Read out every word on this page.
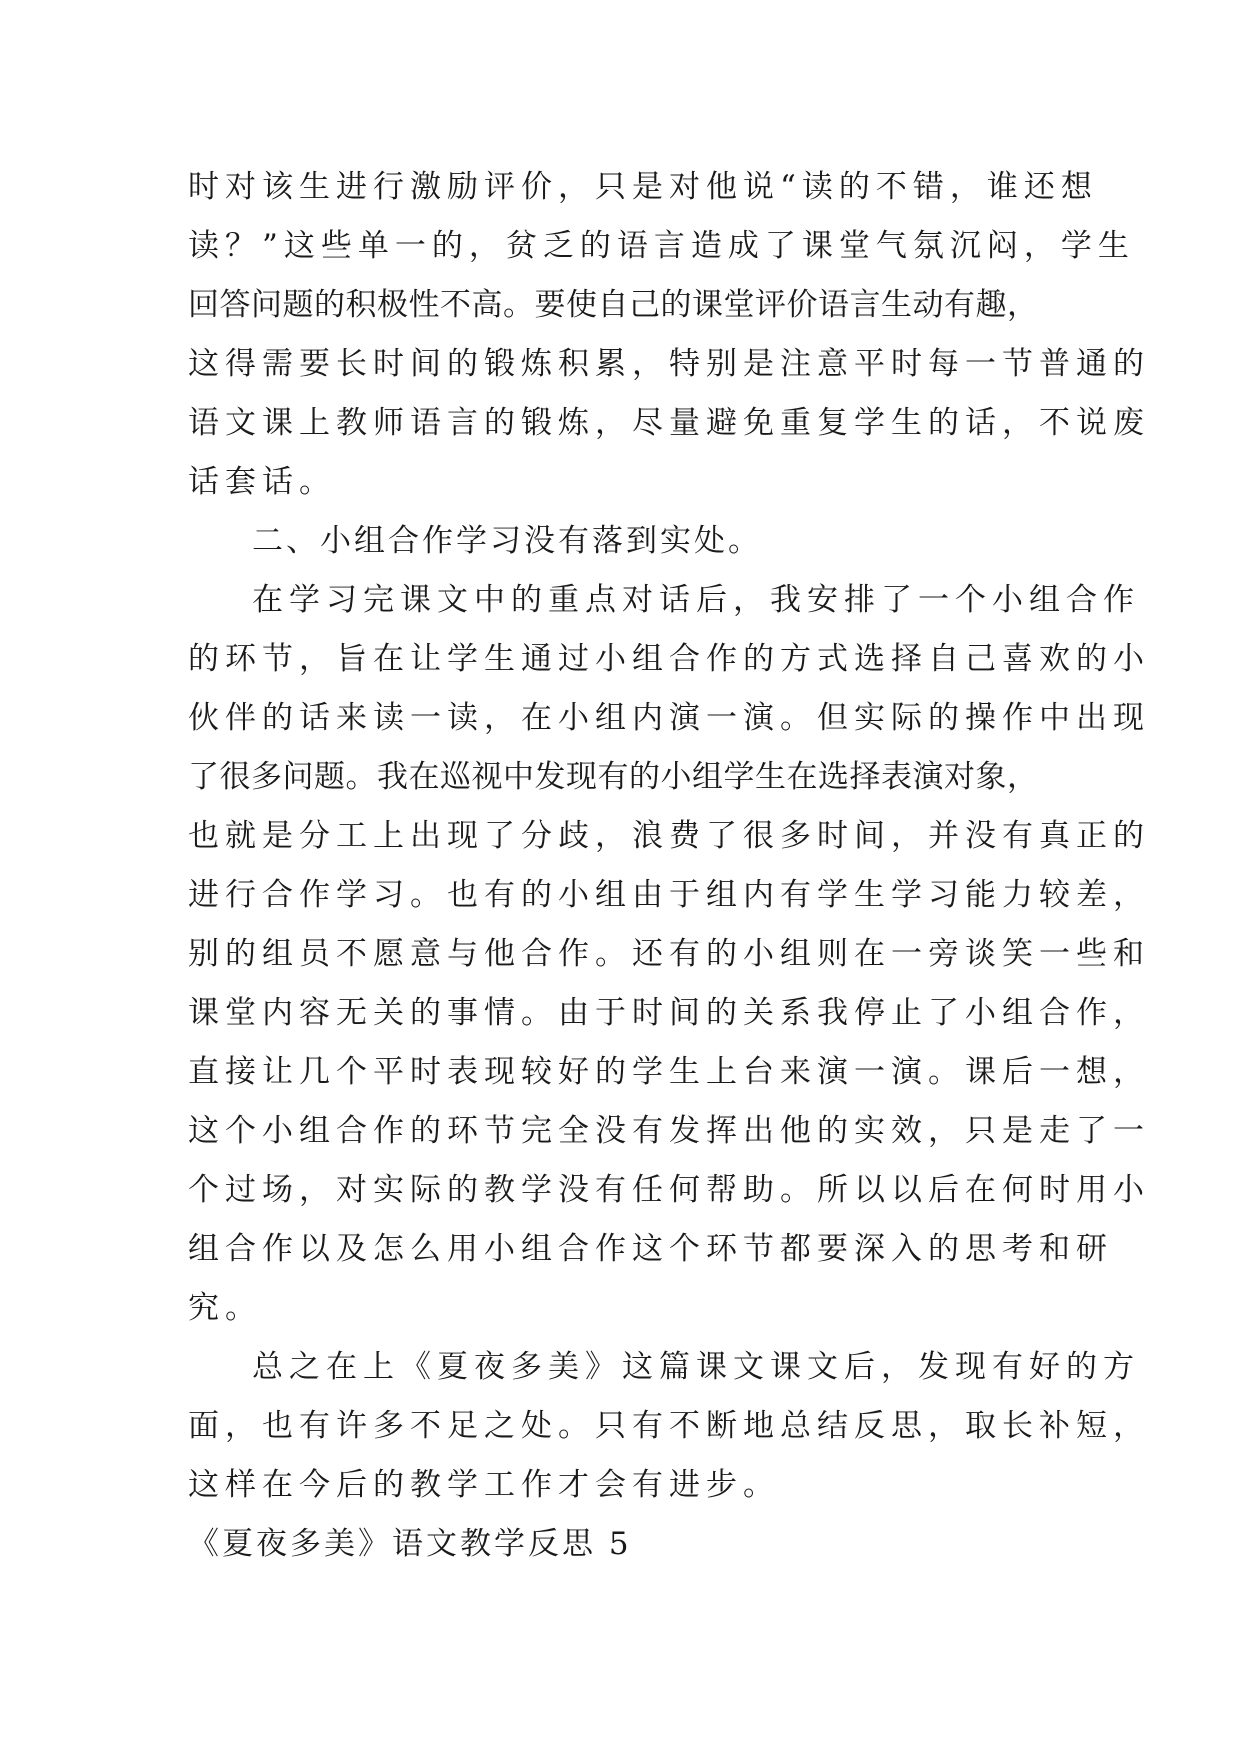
时对该生进行激励评价，只是对他说“读的不错，谁还想
读？”这些单一的，贫乏的语言造成了课堂气氛沉闷，学生
回答问题的积极性不高。要使自己的课堂评价语言生动有趣，
这得需要长时间的锻炼积累，特别是注意平时每一节普通的
语文课上教师语言的锻炼，尽量避免重复学生的话，不说废
话套话。
二、小组合作学习没有落到实处。
在学习完课文中的重点对话后，我安排了一个小组合作
的环节，旨在让学生通过小组合作的方式选择自己喜欢的小
伙伴的话来读一读，在小组内演一演。但实际的操作中出现
了很多问题。我在巡视中发现有的小组学生在选择表演对象，
也就是分工上出现了分歧，浪费了很多时间，并没有真正的
进行合作学习。也有的小组由于组内有学生学习能力较差，
别的组员不愿意与他合作。还有的小组则在一旁谈笑一些和
课堂内容无关的事情。由于时间的关系我停止了小组合作，
直接让几个平时表现较好的学生上台来演一演。课后一想，
这个小组合作的环节完全没有发挥出他的实效，只是走了一
个过场，对实际的教学没有任何帮助。所以以后在何时用小
组合作以及怎么用小组合作这个环节都要深入的思考和研
究。
总之在上《夏夜多美》这篇课文课文后，发现有好的方
面，也有许多不足之处。只有不断地总结反思，取长补短，
这样在今后的教学工作才会有进步。
《夏夜多美》语文教学反思 5
